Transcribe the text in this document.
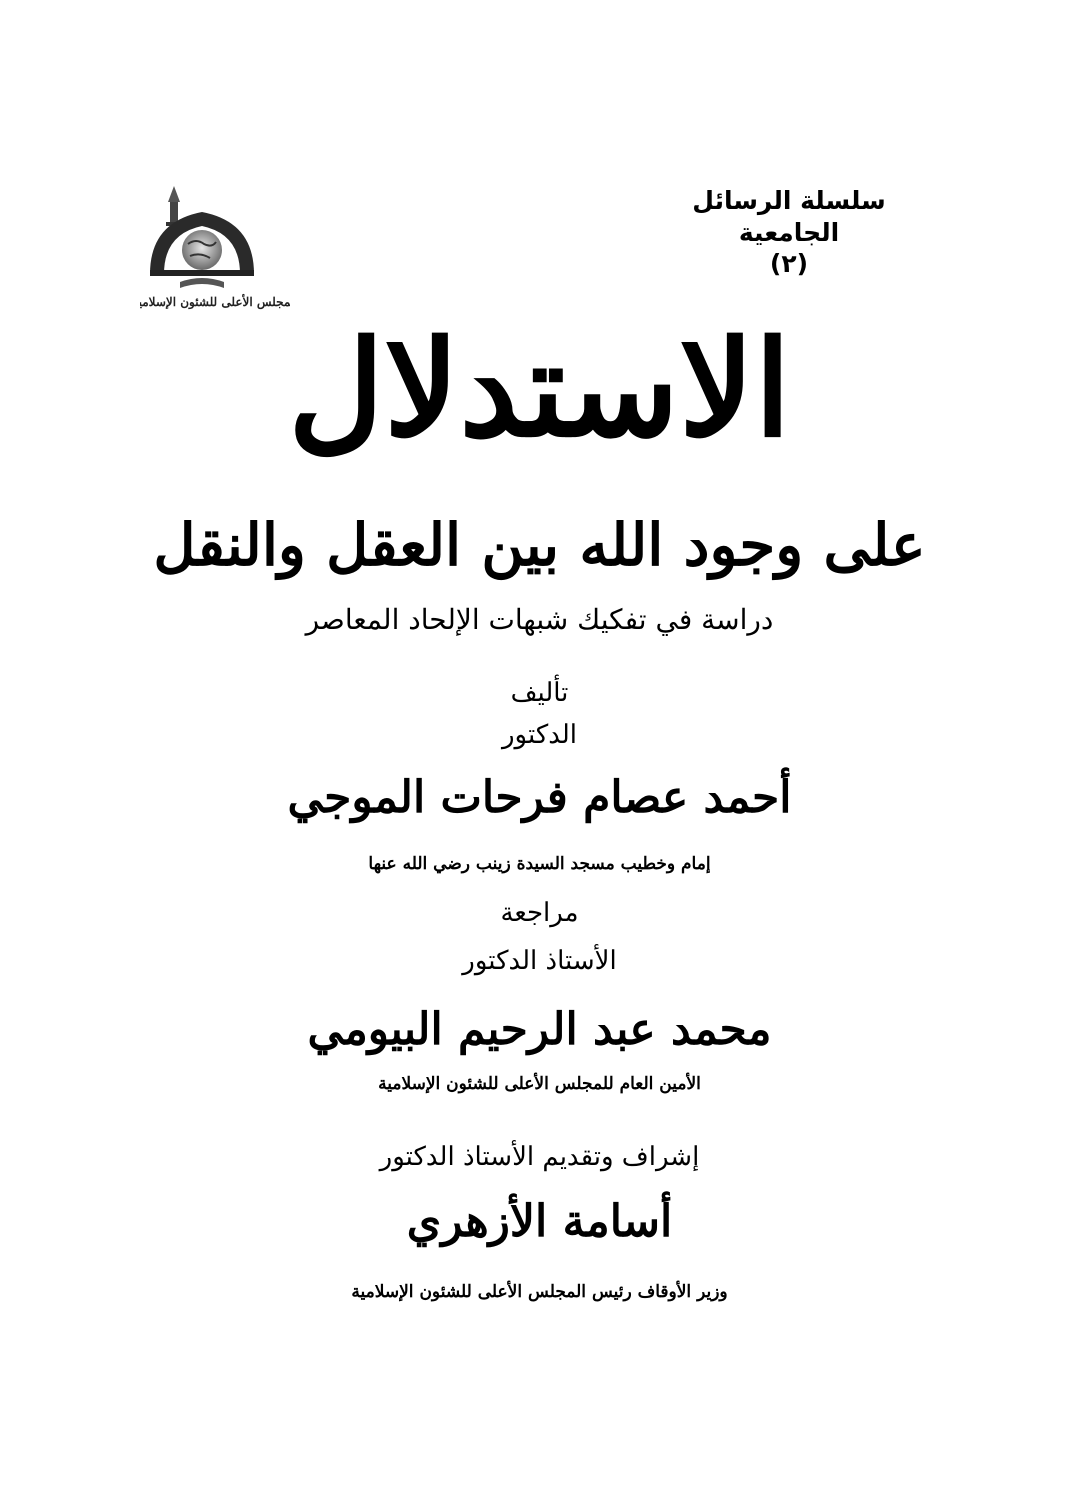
سلسلة الرسائل الجامعية
(٢)
المجلس الأعلى للشئون الإسلامية
الاستدلال
على وجود الله بين العقل والنقل
دراسة في تفكيك شبهات الإلحاد المعاصر
تأليف
الدكتور
أحمد عصام فرحات الموجي
إمام وخطيب مسجد السيدة زينب رضي الله عنها
مراجعة
الأستاذ الدكتور
محمد عبد الرحيم البيومي
الأمين العام للمجلس الأعلى للشئون الإسلامية
إشراف وتقديم الأستاذ الدكتور
أسامة الأزهري
وزير الأوقاف رئيس المجلس الأعلى للشئون الإسلامية
